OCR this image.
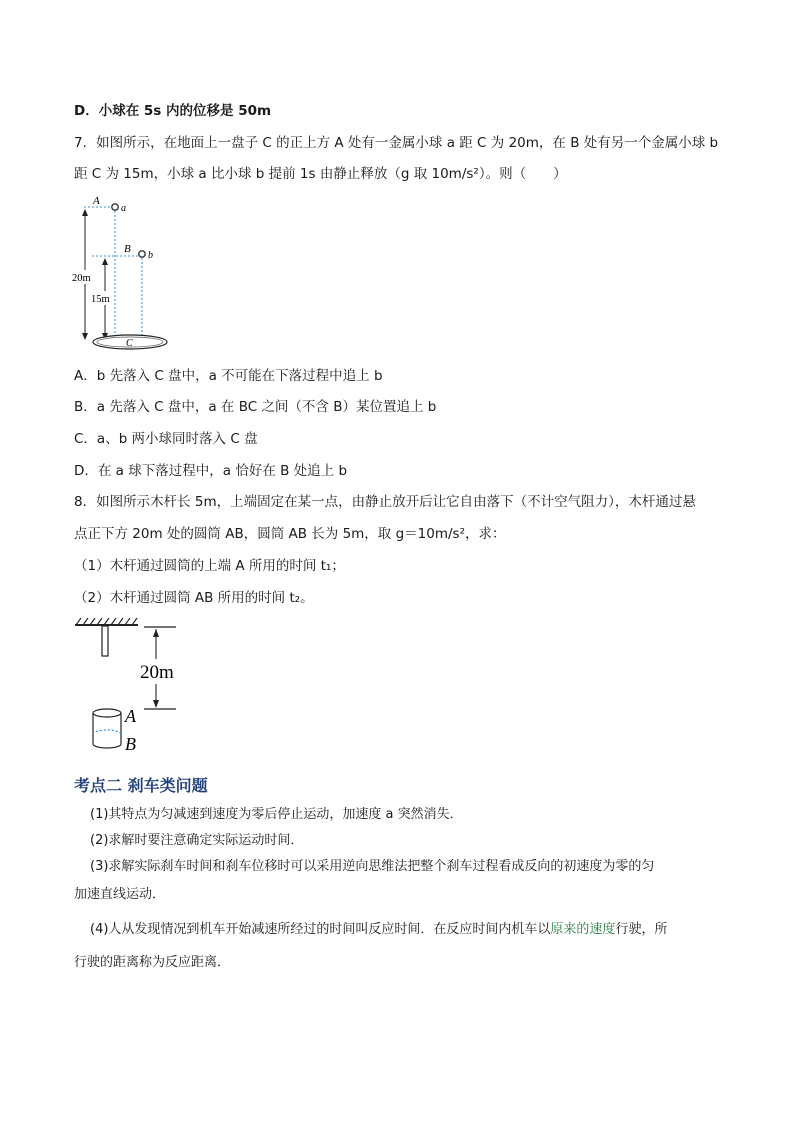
D．小球在 5s 内的位移是 50m
7．如图所示，在地面上一盘子 C 的正上方 A 处有一金属小球 a 距 C 为 20m，在 B 处有另一个金属小球 b
距 C 为 15m，小球 a 比小球 b 提前 1s 由静止释放（g 取 10m/s²）。则（　　）
A
a
B
b
20m
15m
C
A．b 先落入 C 盘中，a 不可能在下落过程中追上 b
B．a 先落入 C 盘中，a 在 BC 之间（不含 B）某位置追上 b
C．a、b 两小球同时落入 C 盘
D．在 a 球下落过程中，a 恰好在 B 处追上 b
8．如图所示木杆长 5m，上端固定在某一点，由静止放开后让它自由落下（不计空气阻力），木杆通过悬
点正下方 20m 处的圆筒 AB，圆筒 AB 长为 5m，取 g＝10m/s²，求：
（1）木杆通过圆筒的上端 A 所用的时间 t₁；
（2）木杆通过圆筒 AB 所用的时间 t₂。
20m
A
B
考点二 刹车类问题
(1)其特点为匀减速到速度为零后停止运动，加速度 a 突然消失．
(2)求解时要注意确定实际运动时间．
(3)求解实际刹车时间和刹车位移时可以采用逆向思维法把整个刹车过程看成反向的初速度为零的匀
加速直线运动．
(4)人从发现情况到机车开始减速所经过的时间叫反应时间．在反应时间内机车以原来的速度行驶，所
行驶的距离称为反应距离．
